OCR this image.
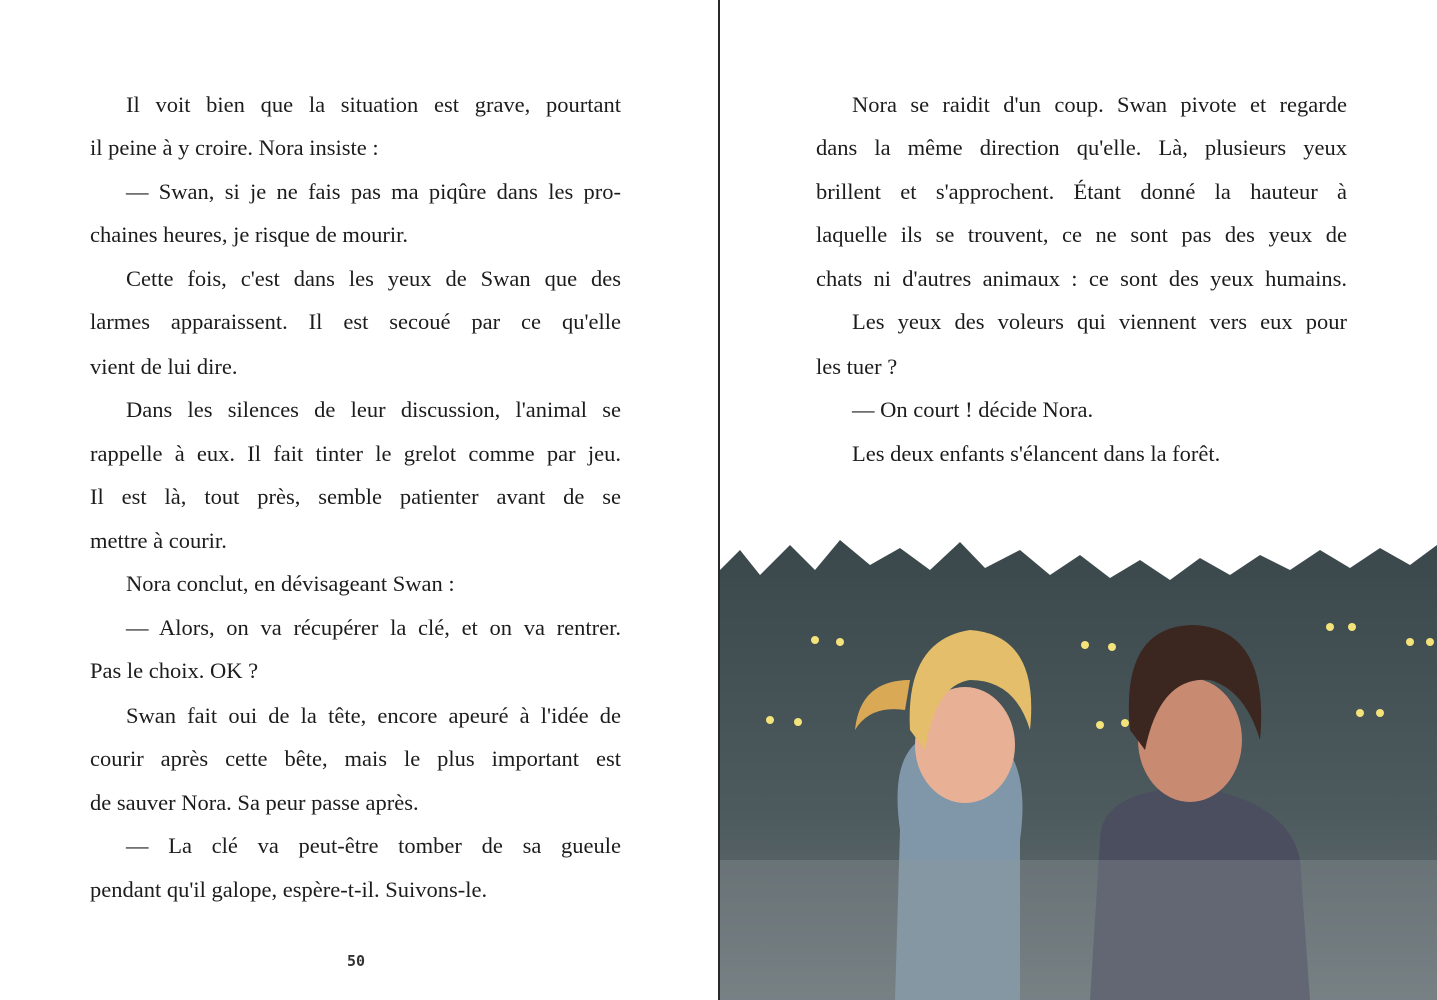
Il voit bien que la situation est grave, pourtant
il peine à y croire. Nora insiste :
— Swan, si je ne fais pas ma piqûre dans les pro-
chaines heures, je risque de mourir.
Cette fois, c'est dans les yeux de Swan que des
larmes apparaissent. Il est secoué par ce qu'elle
vient de lui dire.
Dans les silences de leur discussion, l'animal se
rappelle à eux. Il fait tinter le grelot comme par jeu.
Il est là, tout près, semble patienter avant de se
mettre à courir.
Nora conclut, en dévisageant Swan :
— Alors, on va récupérer la clé, et on va rentrer.
Pas le choix. OK ?
Swan fait oui de la tête, encore apeuré à l'idée de
courir après cette bête, mais le plus important est
de sauver Nora. Sa peur passe après.
— La clé va peut-être tomber de sa gueule
pendant qu'il galope, espère-t-il. Suivons-le.
50
Nora se raidit d'un coup. Swan pivote et regarde
dans la même direction qu'elle. Là, plusieurs yeux
brillent et s'approchent. Étant donné la hauteur à
laquelle ils se trouvent, ce ne sont pas des yeux de
chats ni d'autres animaux : ce sont des yeux humains.
Les yeux des voleurs qui viennent vers eux pour
les tuer ?
— On court ! décide Nora.
Les deux enfants s'élancent dans la forêt.
